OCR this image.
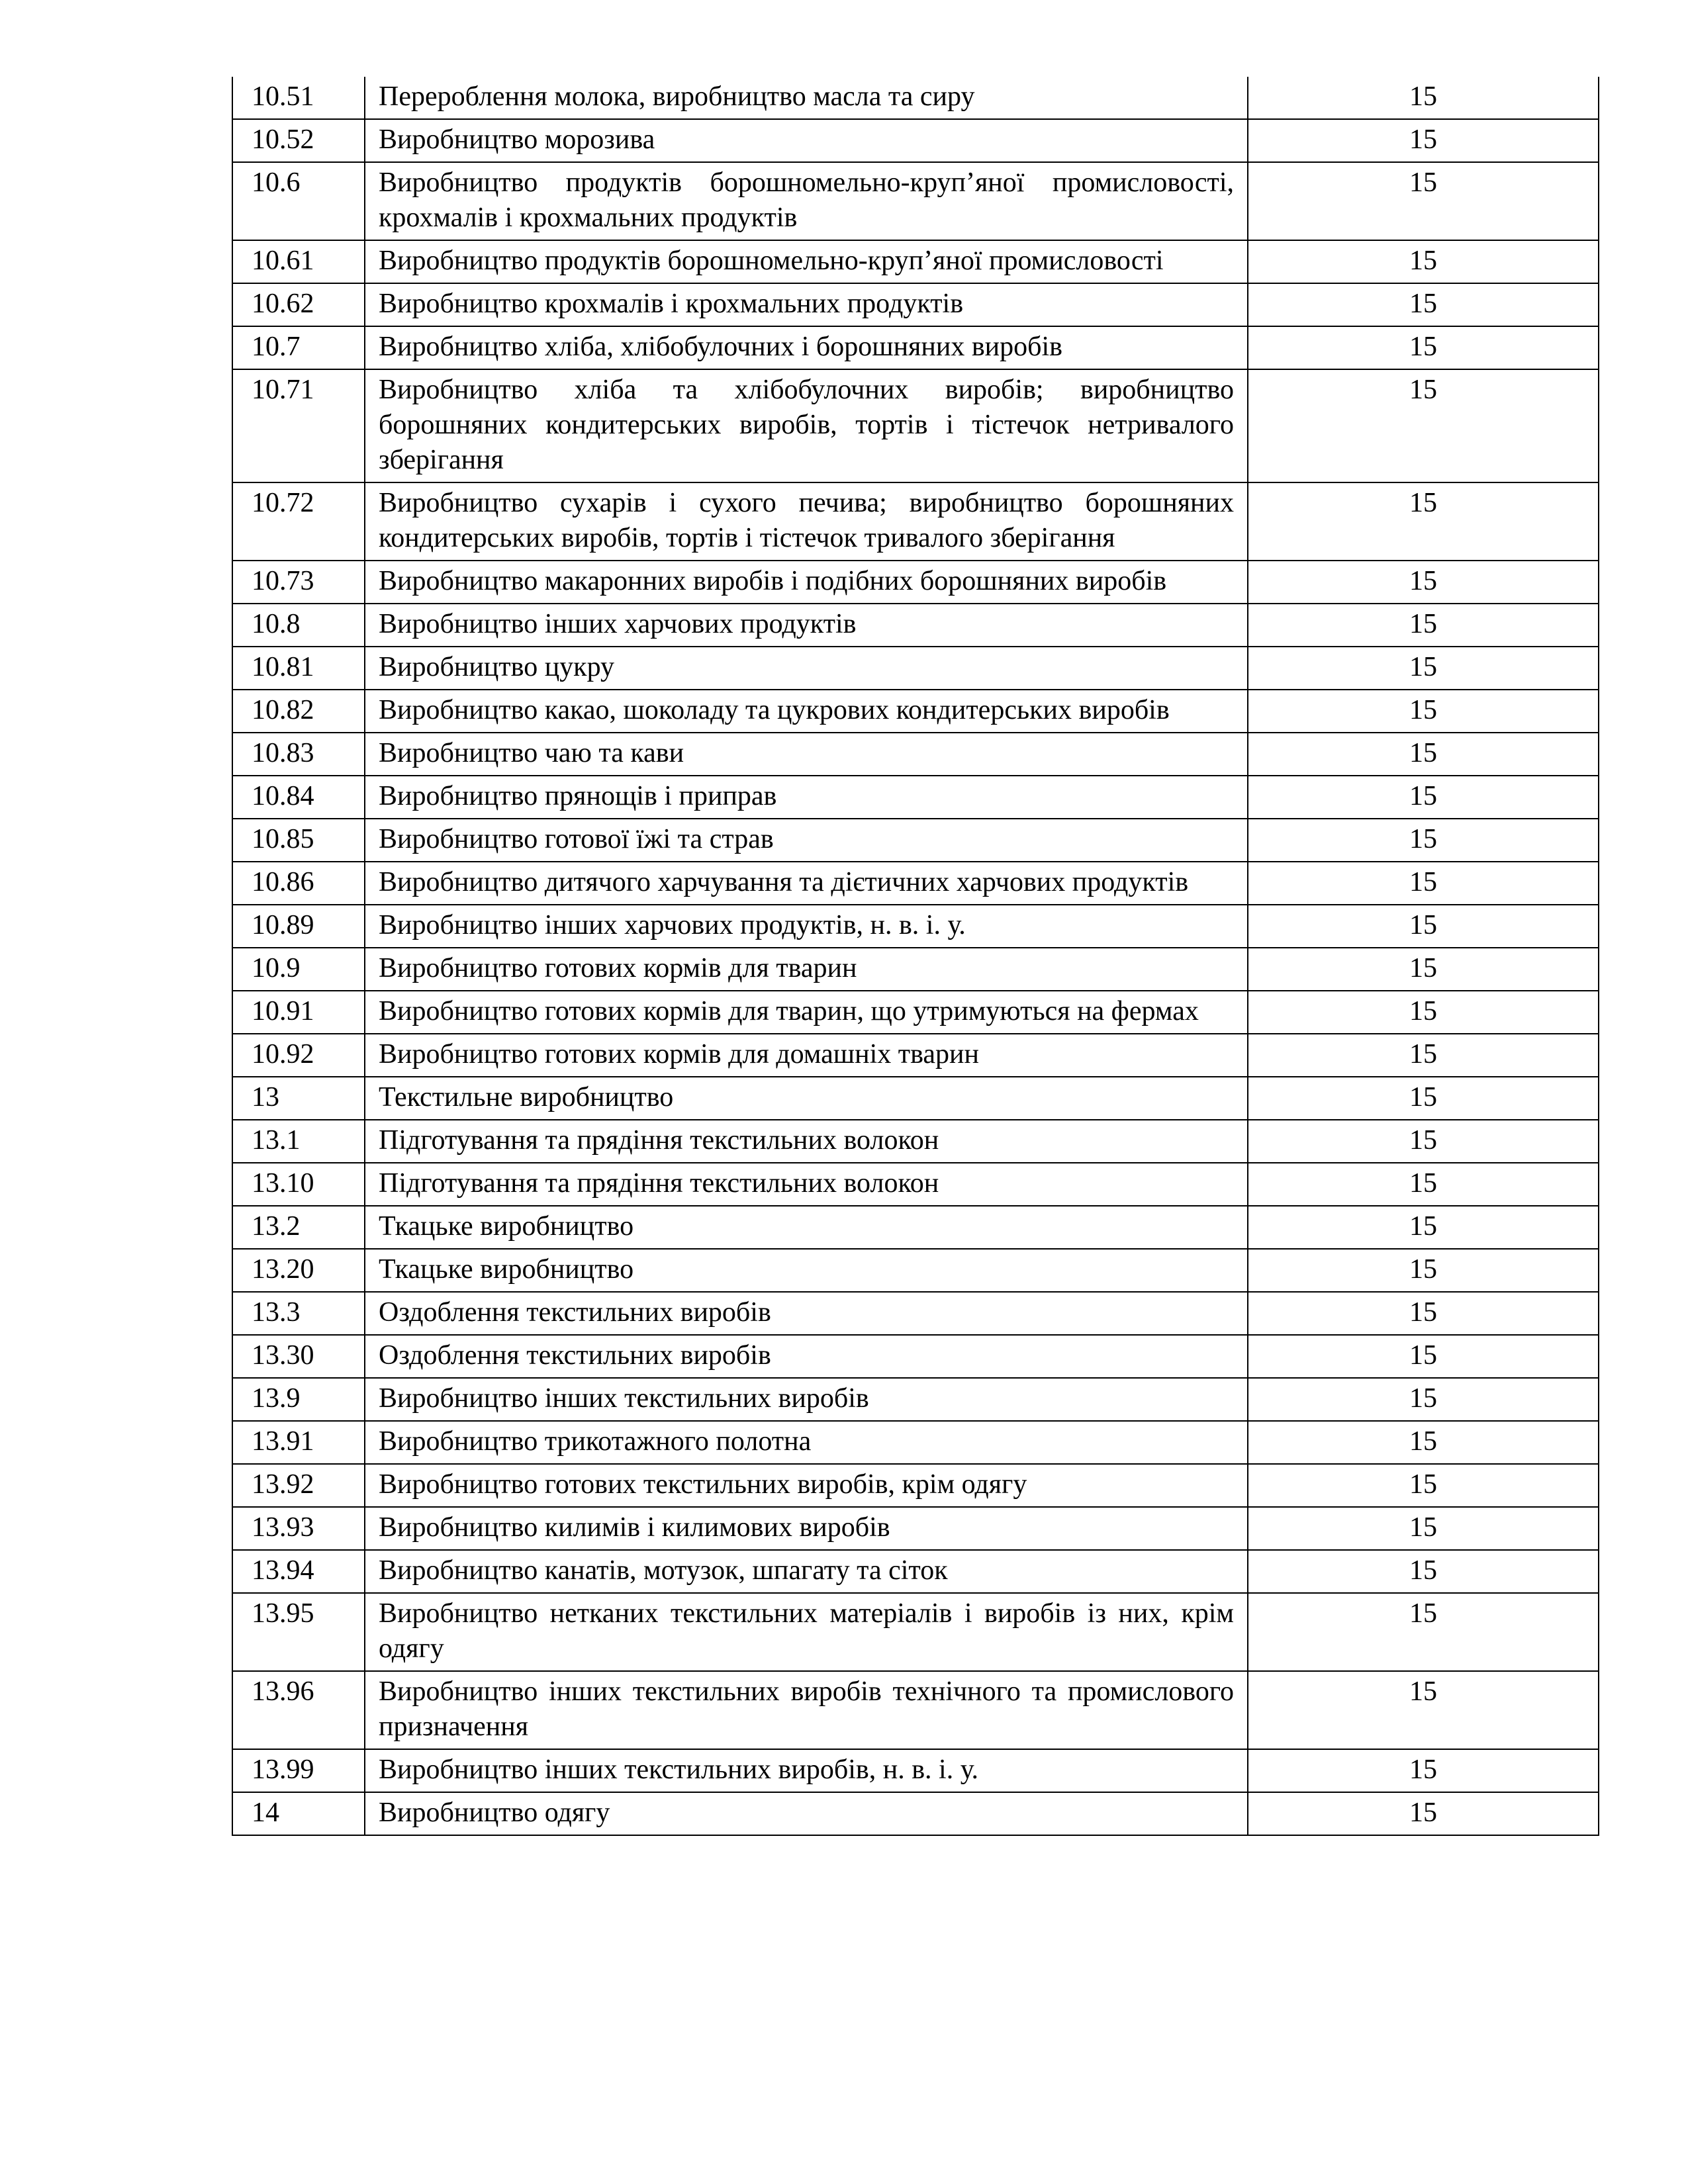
10.51	Перероблення молока, виробництво масла та сиру	15
10.52	Виробництво морозива	15
10.6	Виробництво продуктів борошномельно-круп’яної промисловості, крохмалів і крохмальних продуктів	15
10.61	Виробництво продуктів борошномельно-круп’яної промисловості	15
10.62	Виробництво крохмалів і крохмальних продуктів	15
10.7	Виробництво хліба, хлібобулочних і борошняних виробів	15
10.71	Виробництво хліба та хлібобулочних виробів; виробництво борошняних кондитерських виробів, тортів і тістечок нетривалого зберігання	15
10.72	Виробництво сухарів і сухого печива; виробництво борошняних кондитерських виробів, тортів і тістечок тривалого зберігання	15
10.73	Виробництво макаронних виробів і подібних борошняних виробів	15
10.8	Виробництво інших харчових продуктів	15
10.81	Виробництво цукру	15
10.82	Виробництво какао, шоколаду та цукрових кондитерських виробів	15
10.83	Виробництво чаю та кави	15
10.84	Виробництво прянощів і приправ	15
10.85	Виробництво готової їжі та страв	15
10.86	Виробництво дитячого харчування та дієтичних харчових продуктів	15
10.89	Виробництво інших харчових продуктів, н. в. і. у.	15
10.9	Виробництво готових кормів для тварин	15
10.91	Виробництво готових кормів для тварин, що утримуються на фермах	15
10.92	Виробництво готових кормів для домашніх тварин	15
13	Текстильне виробництво	15
13.1	Підготування та прядіння текстильних волокон	15
13.10	Підготування та прядіння текстильних волокон	15
13.2	Ткацьке виробництво	15
13.20	Ткацьке виробництво	15
13.3	Оздоблення текстильних виробів	15
13.30	Оздоблення текстильних виробів	15
13.9	Виробництво інших текстильних виробів	15
13.91	Виробництво трикотажного полотна	15
13.92	Виробництво готових текстильних виробів, крім одягу	15
13.93	Виробництво килимів і килимових виробів	15
13.94	Виробництво канатів, мотузок, шпагату та сіток	15
13.95	Виробництво нетканих текстильних матеріалів і виробів із них, крім одягу	15
13.96	Виробництво інших текстильних виробів технічного та промислового призначення	15
13.99	Виробництво інших текстильних виробів, н. в. і. у.	15
14	Виробництво одягу	15
